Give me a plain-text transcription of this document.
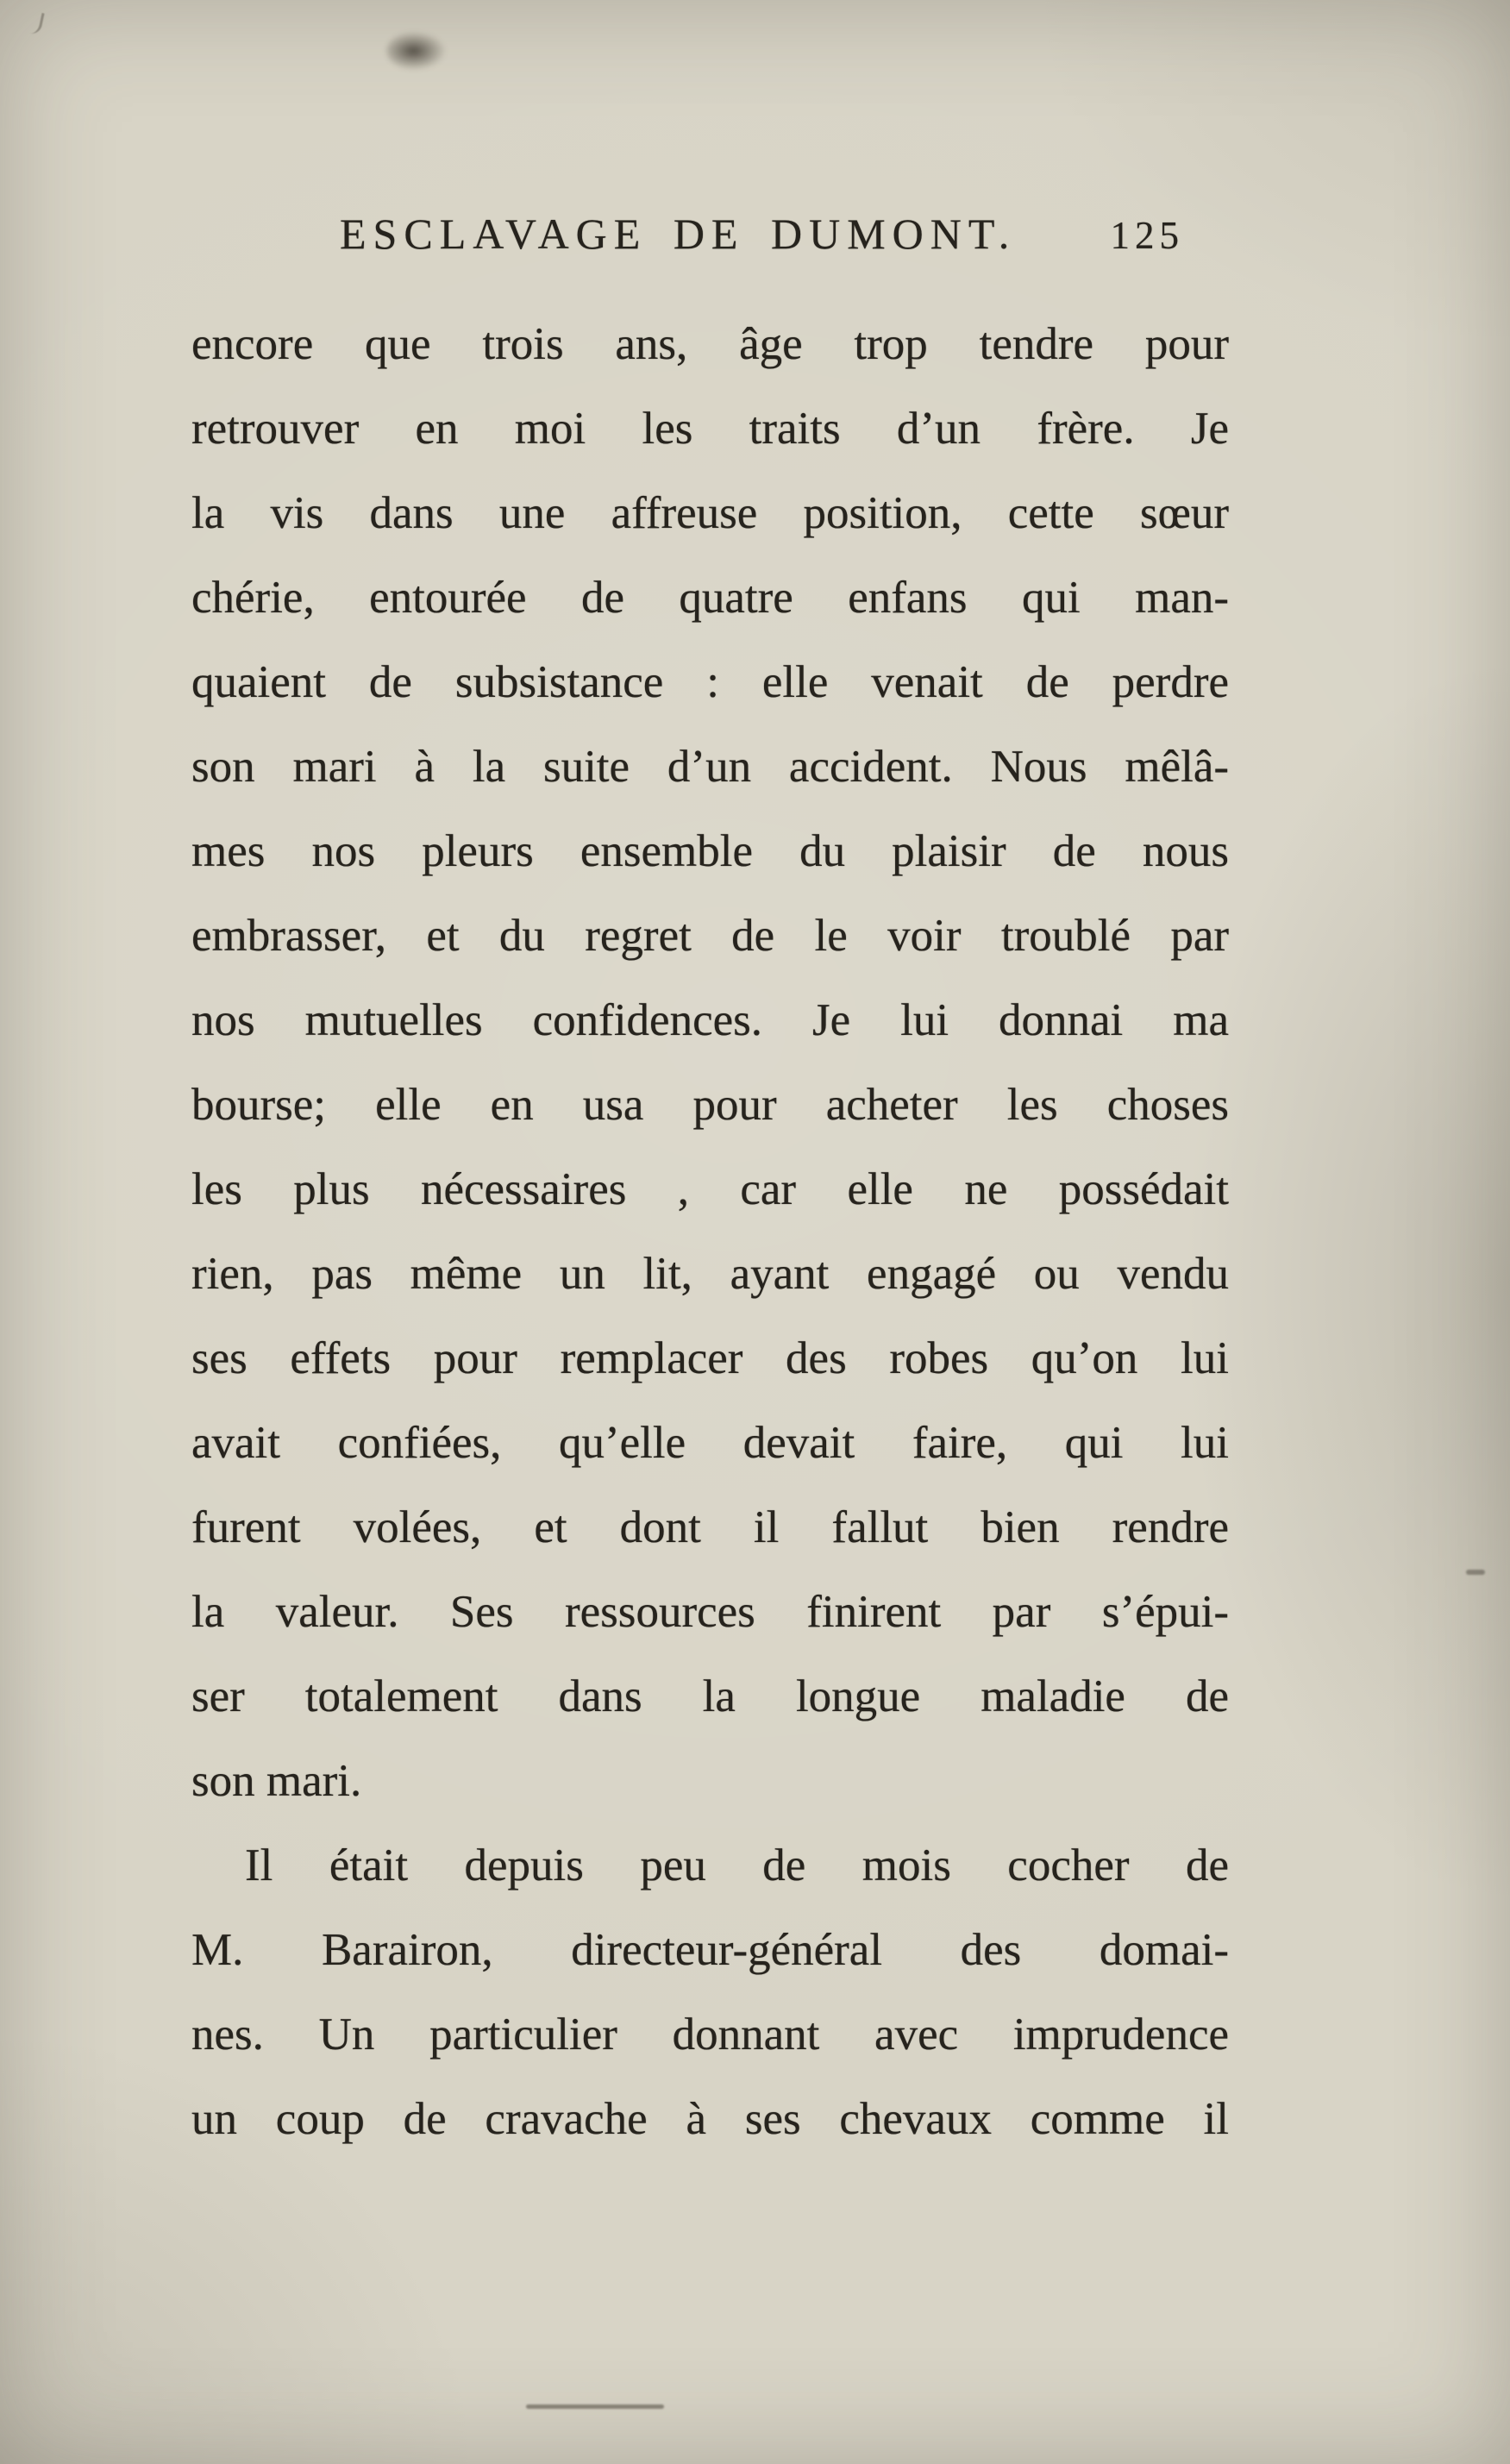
ESCLAVAGE DE DUMONT. 125
encore que trois ans, âge trop tendre pour
retrouver en moi les traits d’un frère. Je
la vis dans une affreuse position, cette sœur
chérie, entourée de quatre enfans qui man-
quaient de subsistance : elle venait de perdre
son mari à la suite d’un accident. Nous mêlâ-
mes nos pleurs ensemble du plaisir de nous
embrasser, et du regret de le voir troublé par
nos mutuelles confidences. Je lui donnai ma
bourse; elle en usa pour acheter les choses
les plus nécessaires , car elle ne possédait
rien, pas même un lit, ayant engagé ou vendu
ses effets pour remplacer des robes qu’on lui
avait confiées, qu’elle devait faire, qui lui
furent volées, et dont il fallut bien rendre
la valeur. Ses ressources finirent par s’épui-
ser totalement dans la longue maladie de
son mari.
Il était depuis peu de mois cocher de
M. Barairon, directeur-général des domai-
nes. Un particulier donnant avec imprudence
un coup de cravache à ses chevaux comme il
